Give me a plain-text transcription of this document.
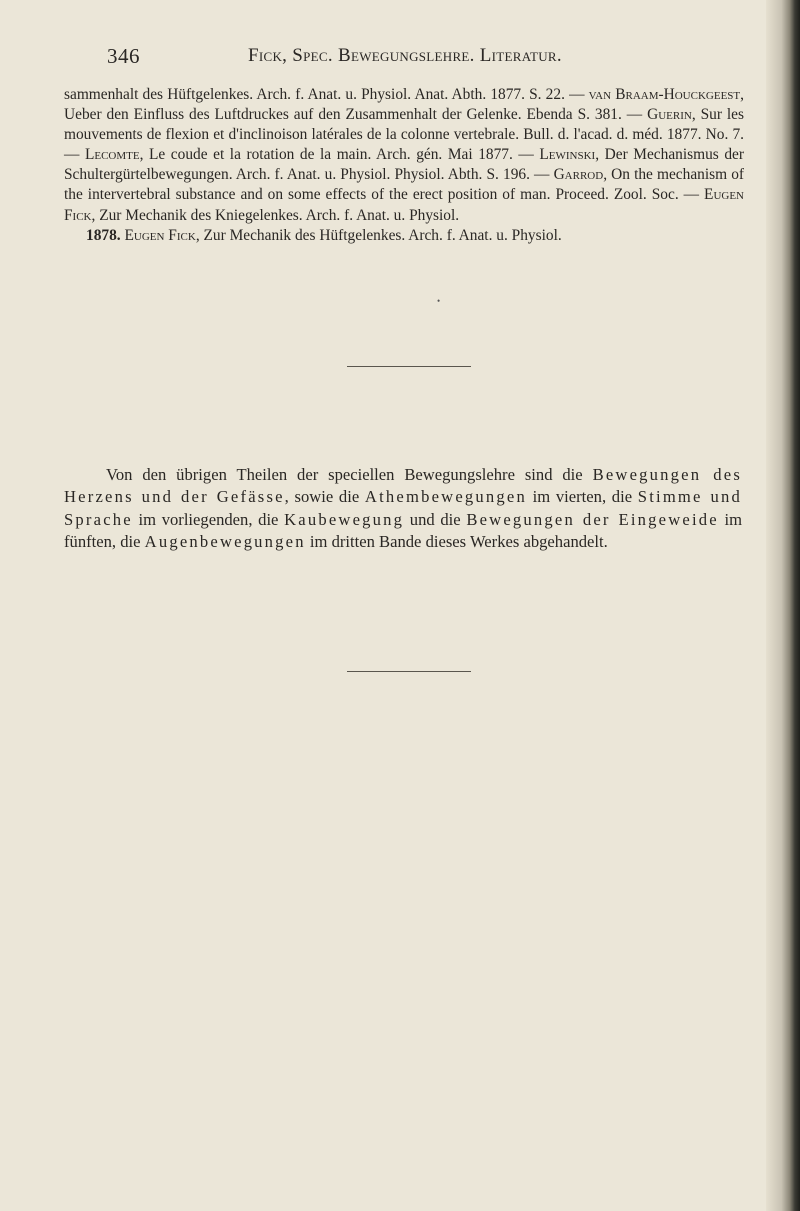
346	Fick, Spec. Bewegungslehre. Literatur.

sammenhalt des Hüftgelenkes. Arch. f. Anat. u. Physiol. Anat. Abth. 1877. S. 22. — van Braam-Houckgeest, Ueber den Einfluss des Luftdruckes auf den Zusammenhalt der Gelenke. Ebenda S. 381. — Guerin, Sur les mouvements de flexion et d'inclinoison latérales de la colonne vertebrale. Bull. d. l'acad. d. méd. 1877. No. 7. — Lecomte, Le coude et la rotation de la main. Arch. gén. Mai 1877. — Lewinski, Der Mechanismus der Schultergürtelbewegungen. Arch. f. Anat. u. Physiol. Physiol. Abth. S. 196. — Garrod, On the mechanism of the intervertebral substance and on some effects of the erect position of man. Proceed. Zool. Soc. — Eugen Fick, Zur Mechanik des Kniegelenkes. Arch. f. Anat. u. Physiol.

1878. Eugen Fick, Zur Mechanik des Hüftgelenkes. Arch. f. Anat. u. Physiol.

•

Von den übrigen Theilen der speciellen Bewegungslehre sind die Bewegungen des Herzens und der Gefässe, sowie die Athembewegungen im vierten, die Stimme und Sprache im vorliegenden, die Kaubewegung und die Bewegungen der Eingeweide im fünften, die Augenbewegungen im dritten Bande dieses Werkes abgehandelt.
